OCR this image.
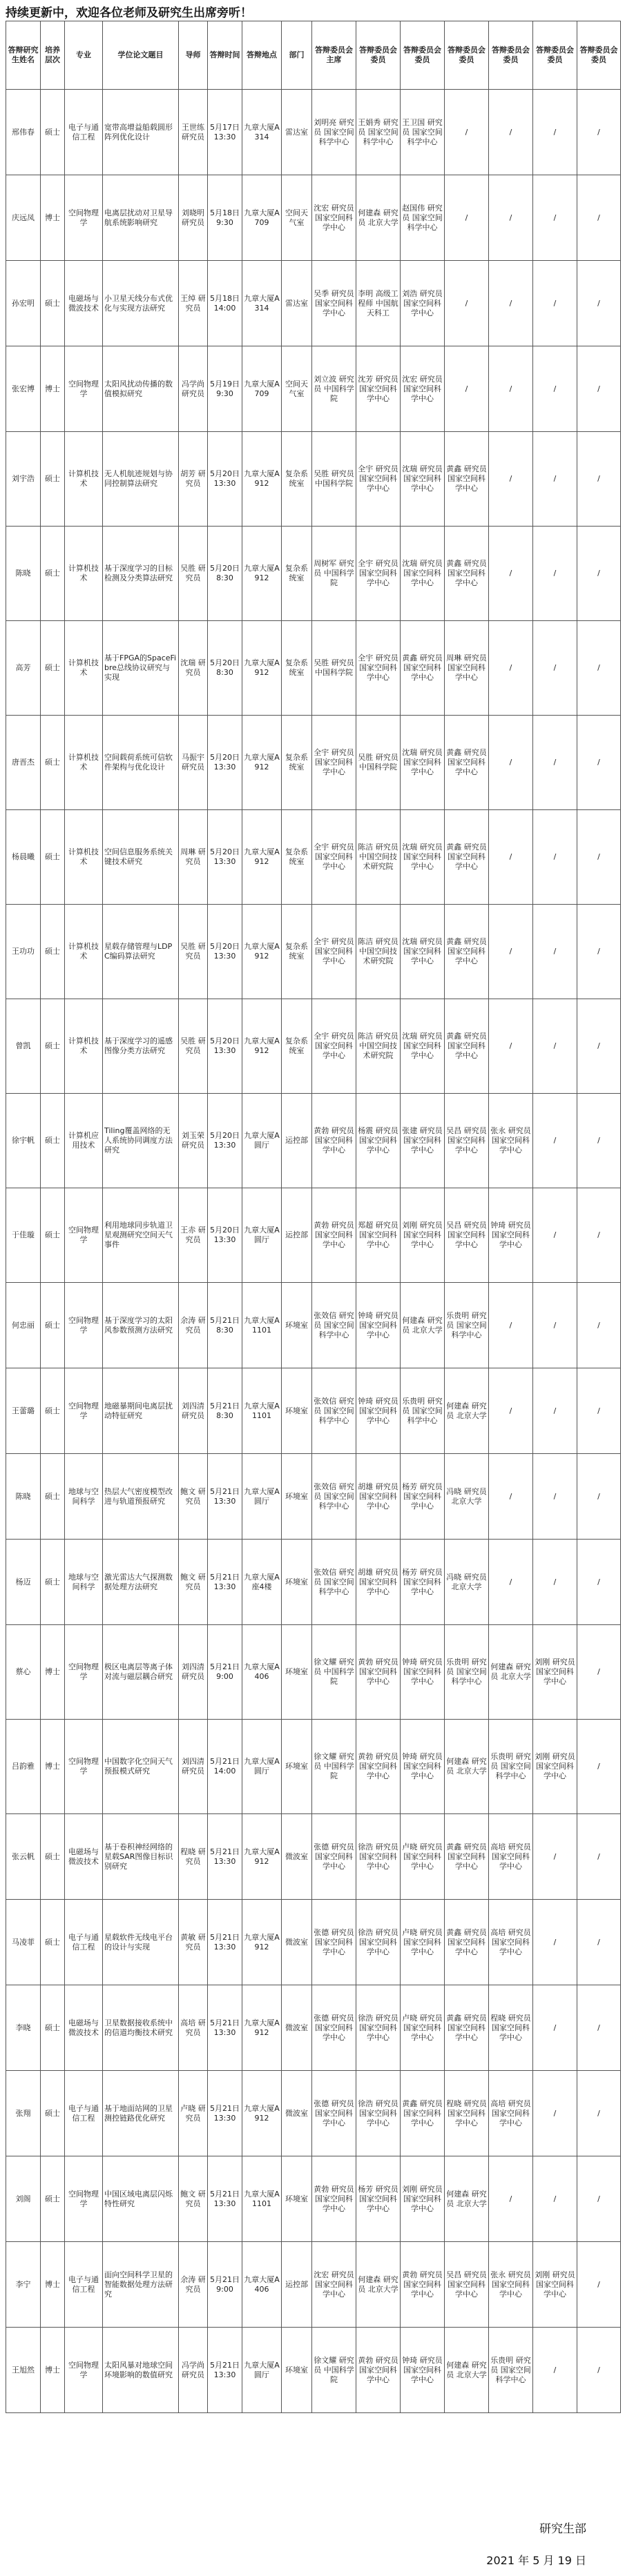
持续更新中，欢迎各位老师及研究生出席旁听！
答辩研究生姓名	培养层次	专业	学位论文题目	导师	答辩时间	答辩地点	部门	答辩委员会主席	答辩委员会委员	答辩委员会委员	答辩委员会委员	答辩委员会委员	答辩委员会委员	答辩委员会委员
邢伟春	硕士	电子与通信工程	宽带高增益船载圆形阵列优化设计	王世练 研究员	5月17日 13:30	九章大厦A314	雷达室	刘明亮 研究员 国家空间科学中心	王娟秀 研究员 国家空间科学中心	王卫国 研究员 国家空间科学中心	/	/	/	/
庆远凤	博士	空间物理学	电离层扰动对卫星导航系统影响研究	刘晓明 研究员	5月18日 9:30	九章大厦A709	空间天气室	沈宏 研究员 国家空间科学中心	何建森 研究员 北京大学	赵国伟 研究员 国家空间科学中心	/	/	/	/
孙宏明	硕士	电磁场与微波技术	小卫星天线分布式优化与实现方法研究	王绰 研究员	5月18日 14:00	九章大厦A314	雷达室	吴季 研究员 国家空间科学中心	李明 高级工程师 中国航天科工	刘浩 研究员 国家空间科学中心	/	/	/	/
张宏博	博士	空间物理学	太阳风扰动传播的数值模拟研究	冯学尚 研究员	5月19日 9:30	九章大厦A709	空间天气室	刘立波 研究员 中国科学院	沈芳 研究员 国家空间科学中心	沈宏 研究员 国家空间科学中心	/	/	/	/
刘宇浩	硕士	计算机技术	无人机航迹规划与协同控制算法研究	胡芳 研究员	5月20日 13:30	九章大厦A912	复杂系统室	吴胜 研究员 中国科学院	全宇 研究员 国家空间科学中心	沈瑞 研究员 国家空间科学中心	黄鑫 研究员 国家空间科学中心	/	/	/
陈晓	硕士	计算机技术	基于深度学习的目标检测及分类算法研究	吴胜 研究员	5月20日 8:30	九章大厦A912	复杂系统室	周树军 研究员 中国科学院	全宇 研究员 国家空间科学中心	沈瑞 研究员 国家空间科学中心	黄鑫 研究员 国家空间科学中心	/	/	/
高芳	硕士	计算机技术	基于FPGA的SpaceFibre总线协议研究与实现	沈瑞 研究员	5月20日 8:30	九章大厦A912	复杂系统室	吴胜 研究员 中国科学院	全宇 研究员 国家空间科学中心	黄鑫 研究员 国家空间科学中心	周琳 研究员 国家空间科学中心	/	/	/
唐晋杰	硕士	计算机技术	空间载荷系统可信软件架构与优化设计	马振宇 研究员	5月20日 13:30	九章大厦A912	复杂系统室	全宇 研究员 国家空间科学中心	吴胜 研究员 中国科学院	沈瑞 研究员 国家空间科学中心	黄鑫 研究员 国家空间科学中心	/	/	/
杨晨曦	硕士	计算机技术	空间信息服务系统关键技术研究	周琳 研究员	5月20日 13:30	九章大厦A912	复杂系统室	全宇 研究员 国家空间科学中心	陈洁 研究员 中国空间技术研究院	沈瑞 研究员 国家空间科学中心	黄鑫 研究员 国家空间科学中心	/	/	/
王功功	硕士	计算机技术	星载存储管理与LDPC编码算法研究	吴胜 研究员	5月20日 13:30	九章大厦A912	复杂系统室	全宇 研究员 国家空间科学中心	陈洁 研究员 中国空间技术研究院	沈瑞 研究员 国家空间科学中心	黄鑫 研究员 国家空间科学中心	/	/	/
曾凯	硕士	计算机技术	基于深度学习的遥感图像分类方法研究	吴胜 研究员	5月20日 13:30	九章大厦A912	复杂系统室	全宇 研究员 国家空间科学中心	陈洁 研究员 中国空间技术研究院	沈瑞 研究员 国家空间科学中心	黄鑫 研究员 国家空间科学中心	/	/	/
徐宇帆	硕士	计算机应用技术	Tiling覆盖网络的无人系统协同调度方法研究	刘玉荣 研究员	5月20日 13:30	九章大厦A圆厅	运控部	黄勃 研究员 国家空间科学中心	杨震 研究员 国家空间科学中心	张建 研究员 国家空间科学中心	吴昌 研究员 国家空间科学中心	张永 研究员 国家空间科学中心	/	/
于佳璇	硕士	空间物理学	利用地球同步轨道卫星观测研究空间天气事件	王赤 研究员	5月20日 13:30	九章大厦A圆厅	运控部	黄勃 研究员 国家空间科学中心	郑超 研究员 国家空间科学中心	刘刚 研究员 国家空间科学中心	吴昌 研究员 国家空间科学中心	钟琦 研究员 国家空间科学中心	/	/
何忠丽	硕士	空间物理学	基于深度学习的太阳风参数预测方法研究	余涛 研究员	5月21日 8:30	九章大厦A1101	环境室	张效信 研究员 国家空间科学中心	钟琦 研究员 国家空间科学中心	何建森 研究员 北京大学	乐贵明 研究员 国家空间科学中心	/	/	/
王蕾璐	硕士	空间物理学	地磁暴期间电离层扰动特征研究	刘四清 研究员	5月21日 8:30	九章大厦A1101	环境室	张效信 研究员 国家空间科学中心	钟琦 研究员 国家空间科学中心	乐贵明 研究员 国家空间科学中心	何建森 研究员 北京大学	/	/	/
陈晓	硕士	地球与空间科学	热层大气密度模型改进与轨道预报研究	鲍文 研究员	5月21日 13:30	九章大厦A圆厅	环境室	张效信 研究员 国家空间科学中心	胡雄 研究员 国家空间科学中心	杨芳 研究员 国家空间科学中心	冯晓 研究员 北京大学	/	/	/
杨迈	硕士	地球与空间科学	激光雷达大气探测数据处理方法研究	鲍文 研究员	5月21日 13:30	九章大厦A座4楼	环境室	张效信 研究员 国家空间科学中心	胡雄 研究员 国家空间科学中心	杨芳 研究员 国家空间科学中心	冯晓 研究员 北京大学	/	/	/
蔡心	博士	空间物理学	极区电离层等离子体对流与磁层耦合研究	刘四清 研究员	5月21日 9:00	九章大厦A406	环境室	徐文耀 研究员 中国科学院	黄勃 研究员 国家空间科学中心	钟琦 研究员 国家空间科学中心	乐贵明 研究员 国家空间科学中心	何建森 研究员 北京大学	刘刚 研究员 国家空间科学中心	/
吕韵雅	博士	空间物理学	中国数字化空间天气预报模式研究	刘四清 研究员	5月21日 14:00	九章大厦A圆厅	环境室	徐文耀 研究员 中国科学院	黄勃 研究员 国家空间科学中心	钟琦 研究员 国家空间科学中心	何建森 研究员 北京大学	乐贵明 研究员 国家空间科学中心	刘刚 研究员 国家空间科学中心	/
张云帆	硕士	电磁场与微波技术	基于卷积神经网络的星载SAR图像目标识别研究	程晓 研究员	5月21日 13:30	九章大厦A912	微波室	张德 研究员 国家空间科学中心	徐浩 研究员 国家空间科学中心	卢晓 研究员 国家空间科学中心	黄鑫 研究员 国家空间科学中心	高培 研究员 国家空间科学中心	/	/
马凌菲	硕士	电子与通信工程	星载软件无线电平台的设计与实现	黄敏 研究员	5月21日 13:30	九章大厦A912	微波室	张德 研究员 国家空间科学中心	徐浩 研究员 国家空间科学中心	卢晓 研究员 国家空间科学中心	黄鑫 研究员 国家空间科学中心	高培 研究员 国家空间科学中心	/	/
李晓	硕士	电磁场与微波技术	卫星数据接收系统中的信道均衡技术研究	高培 研究员	5月21日 13:30	九章大厦A912	微波室	张德 研究员 国家空间科学中心	徐浩 研究员 国家空间科学中心	卢晓 研究员 国家空间科学中心	黄鑫 研究员 国家空间科学中心	程晓 研究员 国家空间科学中心	/	/
张翔	硕士	电子与通信工程	基于地面站网的卫星测控链路优化研究	卢晓 研究员	5月21日 13:30	九章大厦A912	微波室	张德 研究员 国家空间科学中心	徐浩 研究员 国家空间科学中心	黄鑫 研究员 国家空间科学中心	程晓 研究员 国家空间科学中心	高培 研究员 国家空间科学中心	/	/
刘阁	硕士	空间物理学	中国区域电离层闪烁特性研究	鲍文 研究员	5月21日 13:30	九章大厦A1101	环境室	黄勃 研究员 国家空间科学中心	杨芳 研究员 国家空间科学中心	刘刚 研究员 国家空间科学中心	何建森 研究员 北京大学	/	/	/
李宁	博士	电子与通信工程	面向空间科学卫星的智能数据处理方法研究	余涛 研究员	5月21日 9:00	九章大厦A406	运控部	沈宏 研究员 国家空间科学中心	何建森 研究员 北京大学	黄勃 研究员 国家空间科学中心	吴昌 研究员 国家空间科学中心	张永 研究员 国家空间科学中心	刘刚 研究员 国家空间科学中心	/
王旭然	博士	空间物理学	太阳风暴对地球空间环境影响的数值研究	冯学尚 研究员	5月21日 13:30	九章大厦A圆厅	环境室	徐文耀 研究员 中国科学院	黄勃 研究员 国家空间科学中心	钟琦 研究员 国家空间科学中心	何建森 研究员 北京大学	乐贵明 研究员 国家空间科学中心	/	/
研究生部
2021 年 5 月 19 日
